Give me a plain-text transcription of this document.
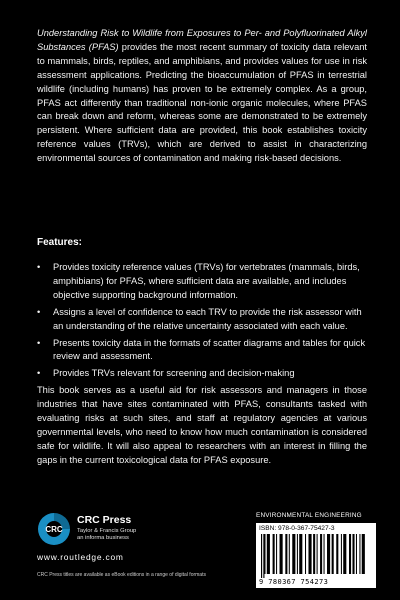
Understanding Risk to Wildlife from Exposures to Per- and Polyfluorinated Alkyl Substances (PFAS) provides the most recent summary of toxicity data relevant to mammals, birds, reptiles, and amphibians, and provides values for use in risk assessment applications. Predicting the bioaccumulation of PFAS in terrestrial wildlife (including humans) has proven to be extremely complex. As a group, PFAS act differently than traditional non-ionic organic molecules, where PFAS can break down and reform, whereas some are demonstrated to be extremely persistent. Where sufficient data are provided, this book establishes toxicity reference values (TRVs), which are derived to assist in characterizing environmental sources of contamination and making risk-based decisions.

Features:
• Provides toxicity reference values (TRVs) for vertebrates (mammals, birds, amphibians) for PFAS, where sufficient data are available, and includes objective supporting background information.
• Assigns a level of confidence to each TRV to provide the risk assessor with an understanding of the relative uncertainty associated with each value.
• Presents toxicity data in the formats of scatter diagrams and tables for quick review and assessment.
• Provides TRVs relevant for screening and decision-making

This book serves as a useful aid for risk assessors and managers in those industries that have sites contaminated with PFAS, consultants tasked with evaluating risks at such sites, and staff at regulatory agencies at various governmental levels, who need to know how much contamination is considered safe for wildlife. It will also appeal to researchers with an interest in filling the gaps in the current toxicological data for PFAS exposure.

CRC
CRC Press
Taylor & Francis Group
an informa business
www.routledge.com
CRC Press titles are available as eBook editions in a range of digital formats
ENVIRONMENTAL ENGINEERING
ISBN: 978-0-367-75427-3
9 780367 754273
